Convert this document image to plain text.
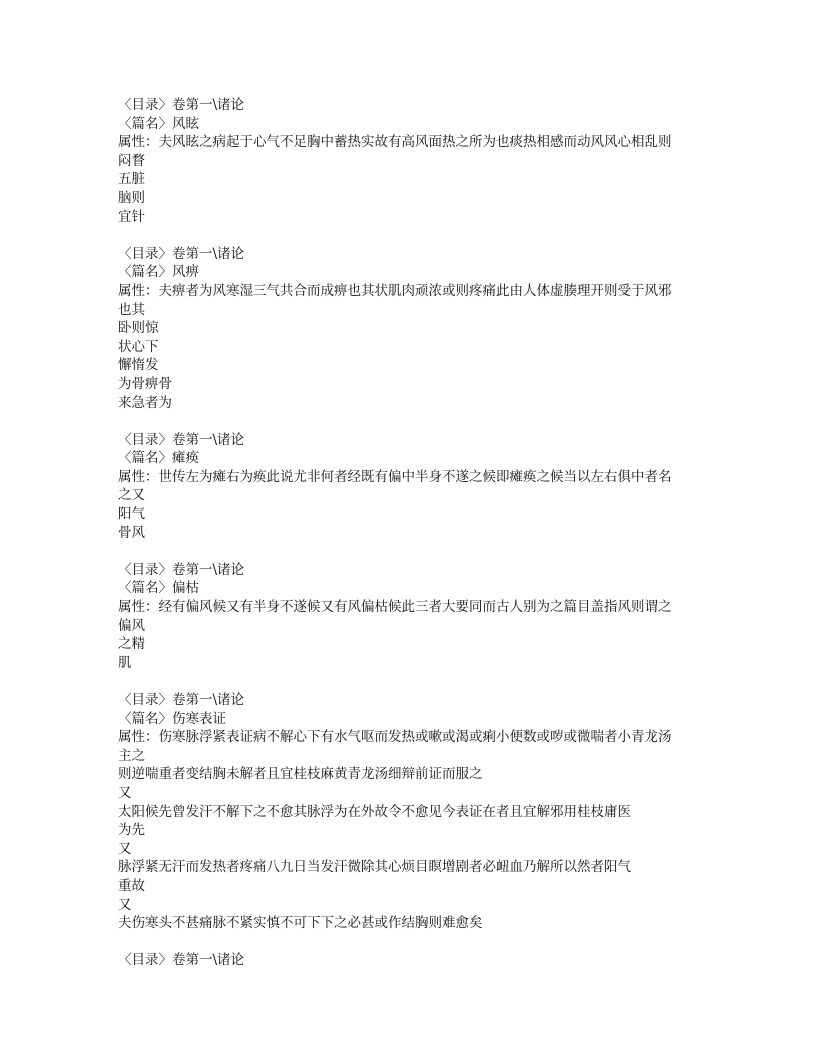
〈目录〉卷第一\诸论
〈篇名〉风眩
属性：夫风眩之病起于心气不足胸中蓄热实故有高风面热之所为也痰热相感而动风风心相乱则
闷瞀
五脏
脑则
宜针
〈目录〉卷第一\诸论
〈篇名〉风痹
属性：夫痹者为风寒湿三气共合而成痹也其状肌肉顽浓或则疼痛此由人体虚腠理开则受于风邪
也其
卧则惊
状心下
懈惰发
为骨痹骨
来急者为
〈目录〉卷第一\诸论
〈篇名〉瘫痪
属性：世传左为瘫右为痪此说尤非何者经既有偏中半身不遂之候即瘫痪之候当以左右俱中者名
之又
阳气
骨风
〈目录〉卷第一\诸论
〈篇名〉偏枯
属性：经有偏风候又有半身不遂候又有风偏枯候此三者大要同而古人别为之篇目盖指风则谓之
偏风
之精
肌
〈目录〉卷第一\诸论
〈篇名〉伤寒表证
属性：伤寒脉浮紧表证病不解心下有水气呕而发热或嗽或渴或痢小便数或哕或微喘者小青龙汤
主之
则逆喘重者变结胸未解者且宜桂枝麻黄青龙汤细辩前证而服之
又
太阳候先曾发汗不解下之不愈其脉浮为在外故令不愈见今表证在者且宜解邪用桂枝庸医
为先
又
脉浮紧无汗而发热者疼痛八九日当发汗微除其心烦目瞑增剧者必衄血乃解所以然者阳气
重故
又
夫伤寒头不甚痛脉不紧实慎不可下下之必甚或作结胸则难愈矣
〈目录〉卷第一\诸论
